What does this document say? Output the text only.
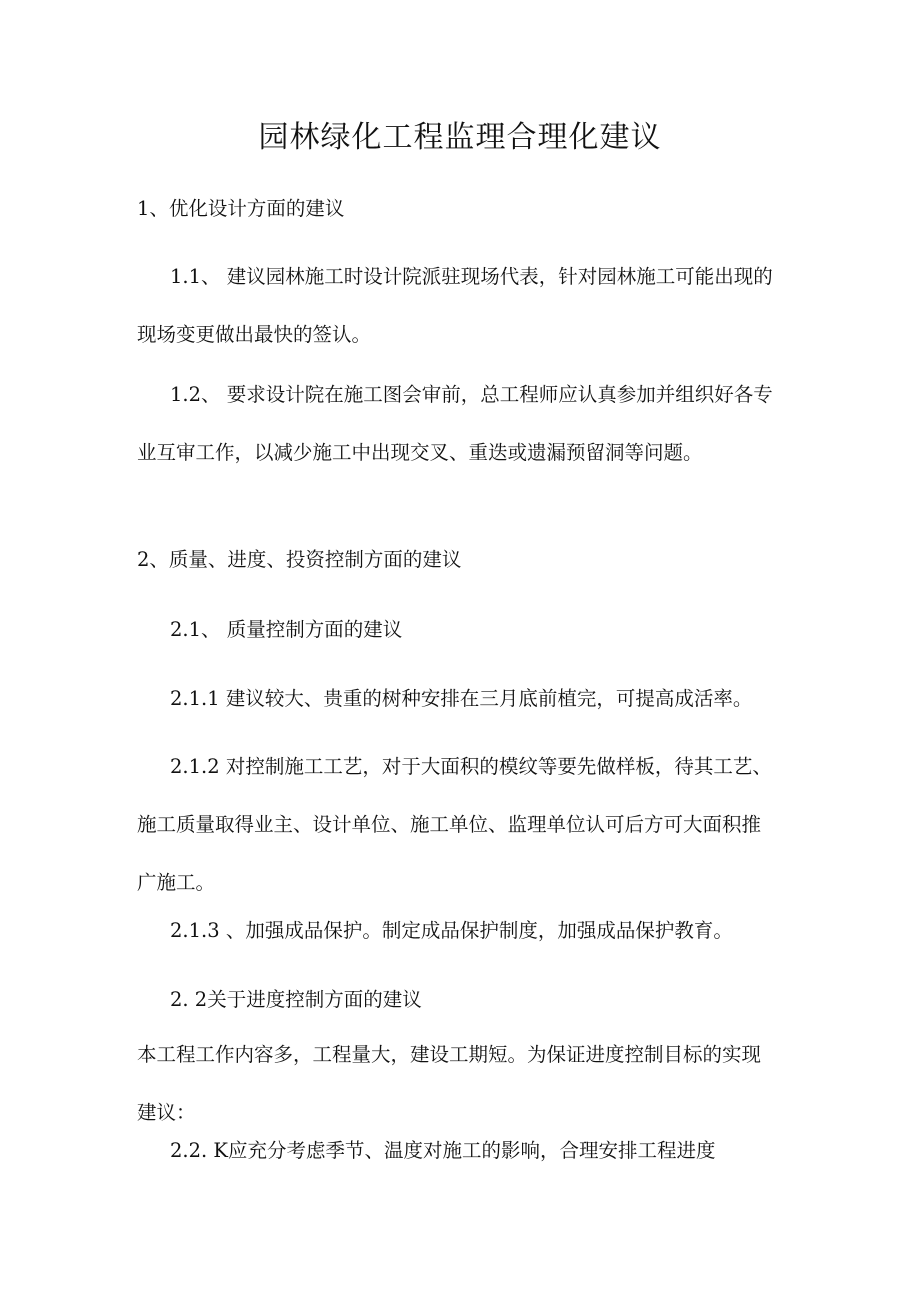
园林绿化工程监理合理化建议
1、优化设计方面的建议
1.1、 建议园林施工时设计院派驻现场代表，针对园林施工可能出现的
现场变更做出最快的签认。
1.2、 要求设计院在施工图会审前，总工程师应认真参加并组织好各专
业互审工作，以减少施工中出现交叉、重迭或遗漏预留洞等问题。
2、质量、进度、投资控制方面的建议
2.1、 质量控制方面的建议
2.1.1 建议较大、贵重的树种安排在三月底前植完，可提高成活率。
2.1.2 对控制施工工艺，对于大面积的模纹等要先做样板，待其工艺、
施工质量取得业主、设计单位、施工单位、监理单位认可后方可大面积推
广施工。
2.1.3 、加强成品保护。制定成品保护制度，加强成品保护教育。
2. 2关于进度控制方面的建议
本工程工作内容多，工程量大，建设工期短。为保证进度控制目标的实现
建议：
2.2. K应充分考虑季节、温度对施工的影响，合理安排工程进度
